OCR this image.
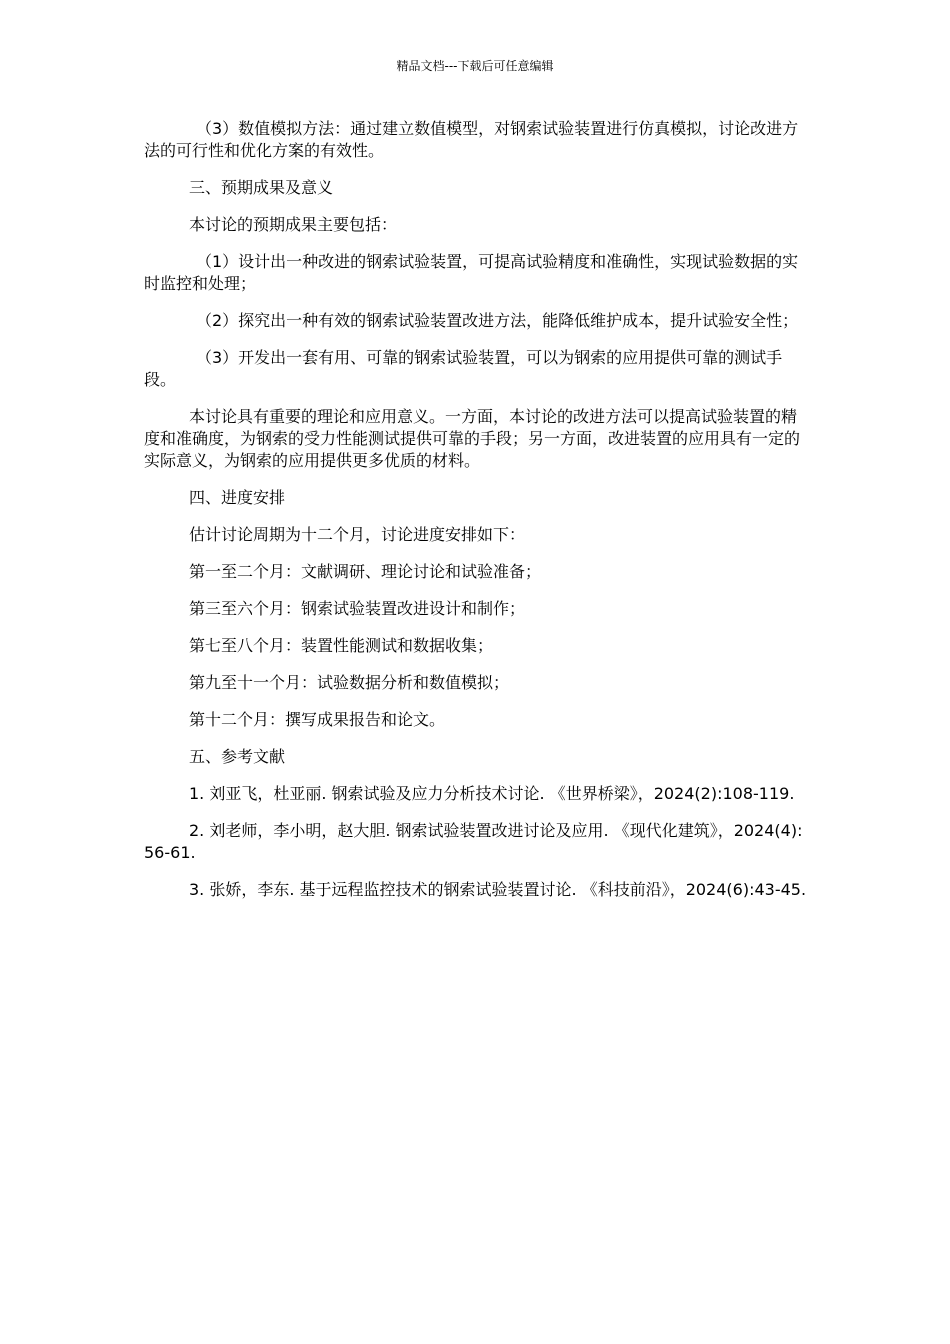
精品文档---下载后可任意编辑

（3）数值模拟方法：通过建立数值模型，对钢索试验装置进行仿真模拟，讨论改进方法的可行性和优化方案的有效性。

三、预期成果及意义

本讨论的预期成果主要包括：

（1）设计出一种改进的钢索试验装置，可提高试验精度和准确性，实现试验数据的实时监控和处理；

（2）探究出一种有效的钢索试验装置改进方法，能降低维护成本，提升试验安全性；

（3）开发出一套有用、可靠的钢索试验装置，可以为钢索的应用提供可靠的测试手段。

本讨论具有重要的理论和应用意义。一方面，本讨论的改进方法可以提高试验装置的精度和准确度，为钢索的受力性能测试提供可靠的手段；另一方面，改进装置的应用具有一定的实际意义，为钢索的应用提供更多优质的材料。

四、进度安排

估计讨论周期为十二个月，讨论进度安排如下：

第一至二个月：文献调研、理论讨论和试验准备；

第三至六个月：钢索试验装置改进设计和制作；

第七至八个月：装置性能测试和数据收集；

第九至十一个月：试验数据分析和数值模拟；

第十二个月：撰写成果报告和论文。

五、参考文献

1. 刘亚飞，杜亚丽. 钢索试验及应力分析技术讨论. 《世界桥梁》，2024(2):108-119.

2. 刘老师，李小明，赵大胆. 钢索试验装置改进讨论及应用. 《现代化建筑》，2024(4):56-61.

3. 张娇，李东. 基于远程监控技术的钢索试验装置讨论. 《科技前沿》，2024(6):43-45.
